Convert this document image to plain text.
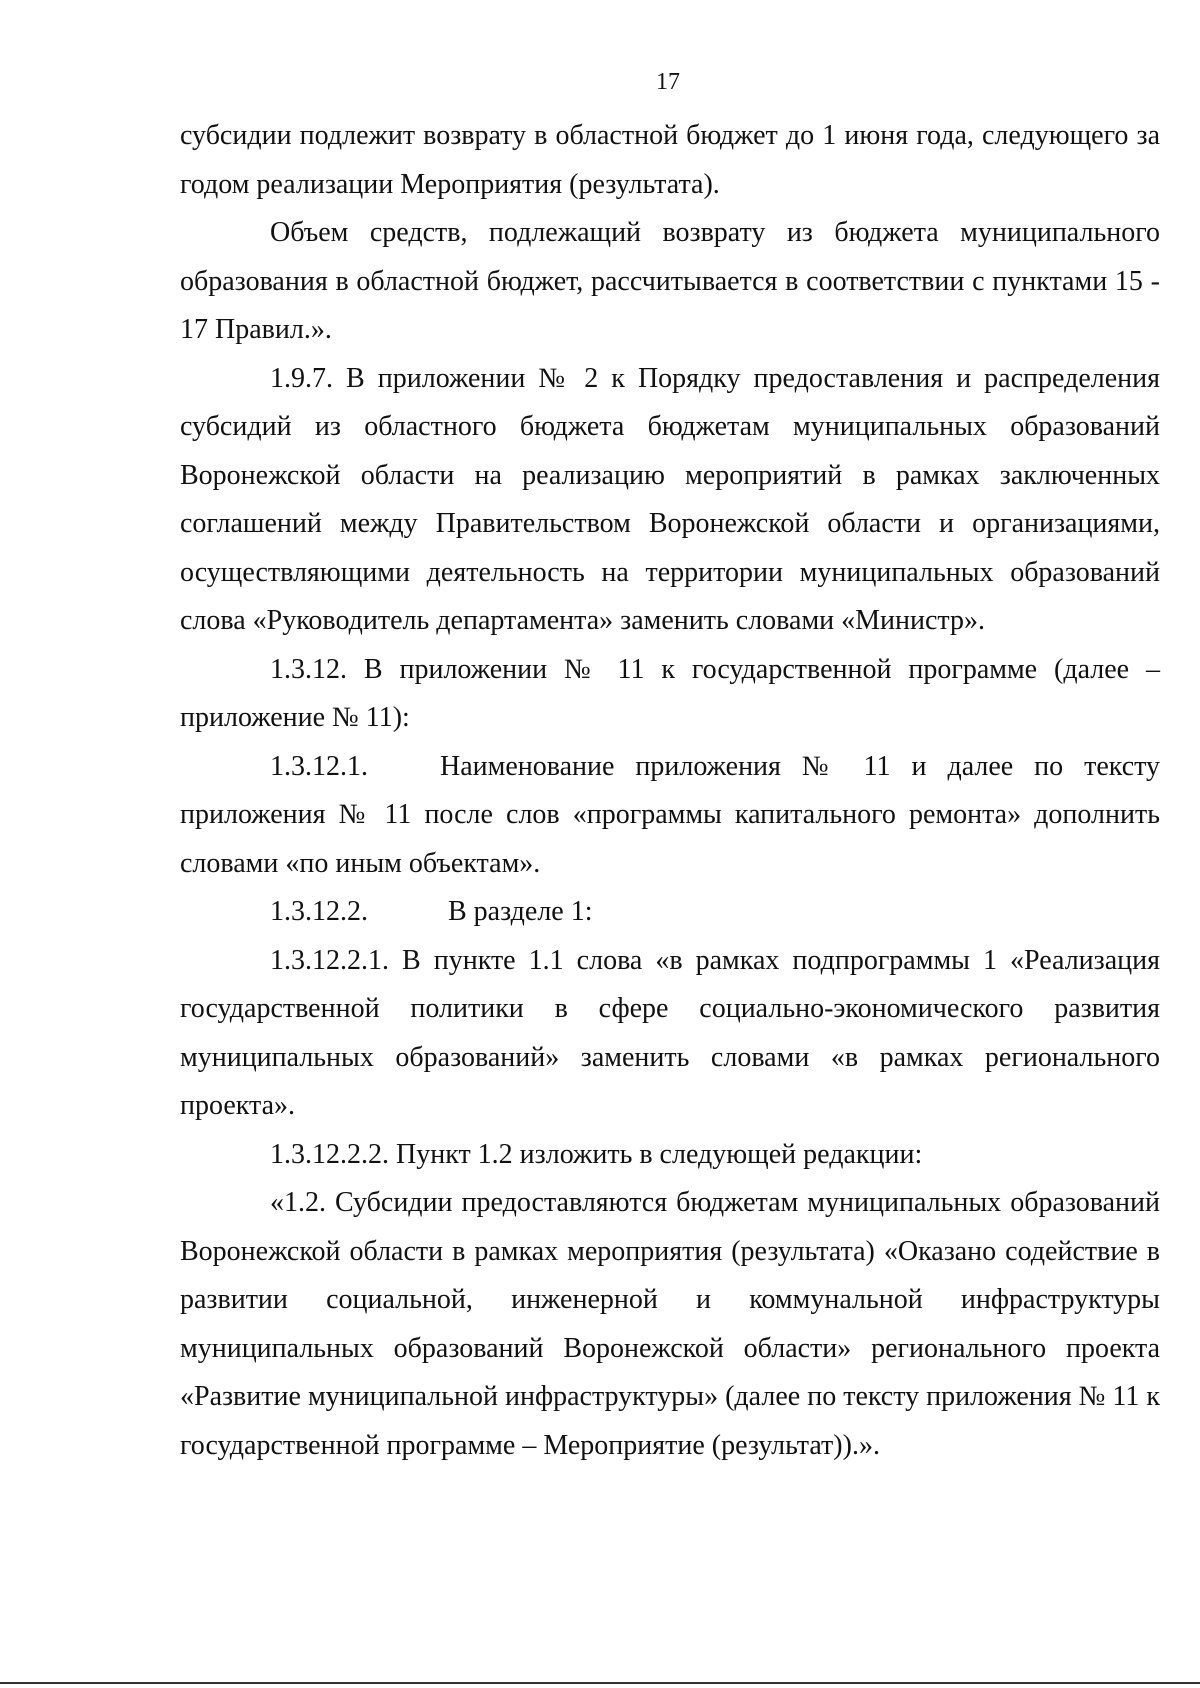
17

субсидии подлежит возврату в областной бюджет до 1 июня года, следующего за годом реализации Мероприятия (результата).

Объем средств, подлежащий возврату из бюджета муниципального образования в областной бюджет, рассчитывается в соответствии с пунктами 15 - 17 Правил.».

1.9.7. В приложении № 2 к Порядку предоставления и распределения субсидий из областного бюджета бюджетам муниципальных образований Воронежской области на реализацию мероприятий в рамках заключенных соглашений между Правительством Воронежской области и организациями, осуществляющими деятельность на территории муниципальных образований слова «Руководитель департамента» заменить словами «Министр».

1.3.12. В приложении № 11 к государственной программе (далее – приложение № 11):

1.3.12.1.	Наименование приложения № 11 и далее по тексту

приложения № 11 после слов «программы капитального ремонта» дополнить словами «по иным объектам».

1.3.12.2.	В разделе 1:

1.3.12.2.1. В пункте 1.1 слова «в рамках подпрограммы 1 «Реализация государственной политики в сфере социально-экономического развития муниципальных образований» заменить словами «в рамках регионального проекта».

1.3.12.2.2. Пункт 1.2 изложить в следующей редакции:

«1.2. Субсидии предоставляются бюджетам муниципальных образований Воронежской области в рамках мероприятия (результата) «Оказано содействие в развитии социальной, инженерной и коммунальной инфраструктуры муниципальных образований Воронежской области» регионального проекта «Развитие муниципальной инфраструктуры» (далее по тексту приложения № 11 к государственной программе – Мероприятие (результат)).».
